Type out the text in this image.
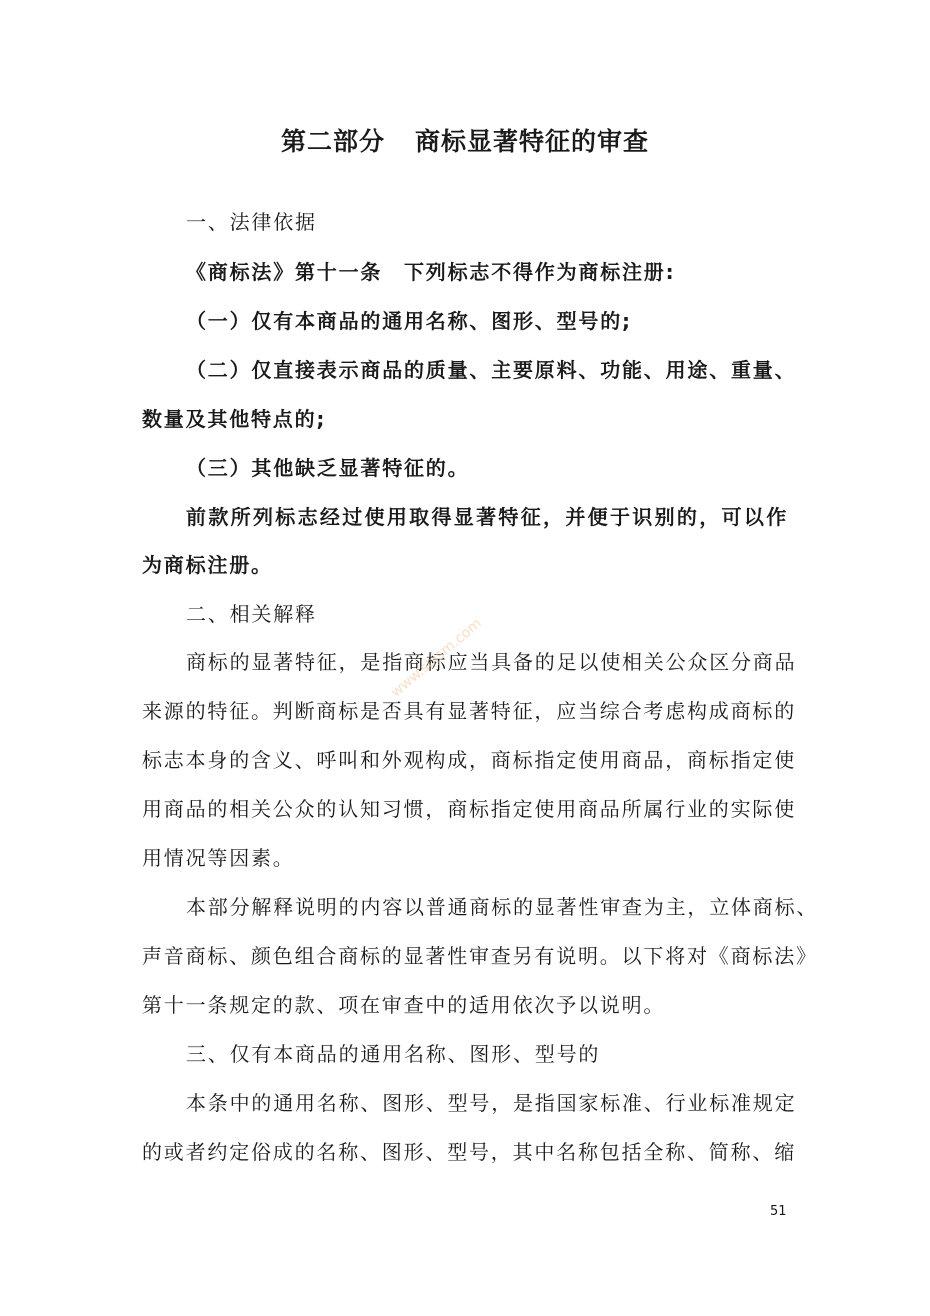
第二部分 商标显著特征的审查
一、法律依据
《商标法》第十一条　下列标志不得作为商标注册:
（一）仅有本商品的通用名称、图形、型号的;
（二）仅直接表示商品的质量、主要原料、功能、用途、重量、
数量及其他特点的;
（三）其他缺乏显著特征的。
前款所列标志经过使用取得显著特征，并便于识别的，可以作
为商标注册。
二、相关解释
商标的显著特征，是指商标应当具备的足以使相关公众区分商品
来源的特征。判断商标是否具有显著特征，应当综合考虑构成商标的
标志本身的含义、呼叫和外观构成，商标指定使用商品，商标指定使
用商品的相关公众的认知习惯，商标指定使用商品所属行业的实际使
用情况等因素。
本部分解释说明的内容以普通商标的显著性审查为主，立体商标、
声音商标、颜色组合商标的显著性审查另有说明。以下将对《商标法》
第十一条规定的款、项在审查中的适用依次予以说明。
三、仅有本商品的通用名称、图形、型号的
本条中的通用名称、图形、型号，是指国家标准、行业标准规定
的或者约定俗成的名称、图形、型号，其中名称包括全称、简称、缩
www.sbjsm.com
51
